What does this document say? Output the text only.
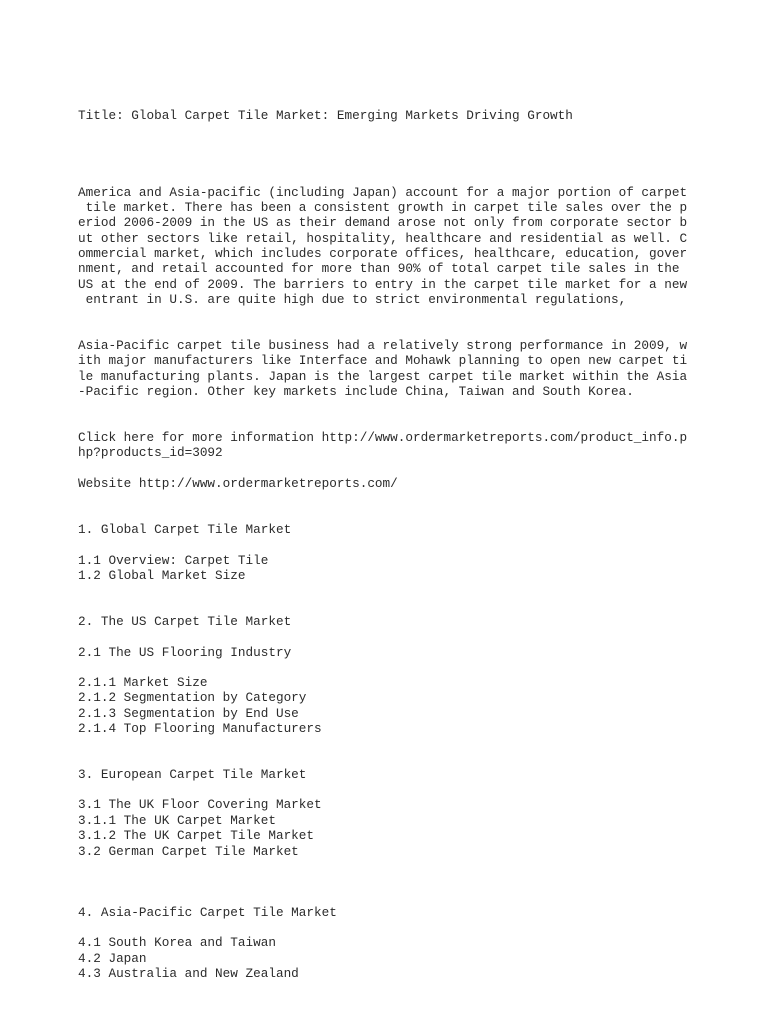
Title: Global Carpet Tile Market: Emerging Markets Driving Growth

America and Asia-pacific (including Japan) account for a major portion of carpet

tile market. There has been a consistent growth in carpet tile sales over the p

eriod 2006-2009 in the US as their demand arose not only from corporate sector b

ut other sectors like retail, hospitality, healthcare and residential as well. C

ommercial market, which includes corporate offices, healthcare, education, gover

nment, and retail accounted for more than 90% of total carpet tile sales in the

US at the end of 2009. The barriers to entry in the carpet tile market for a new

entrant in U.S. are quite high due to strict environmental regulations,

Asia-Pacific carpet tile business had a relatively strong performance in 2009, w

ith major manufacturers like Interface and Mohawk planning to open new carpet ti

le manufacturing plants. Japan is the largest carpet tile market within the Asia

-Pacific region. Other key markets include China, Taiwan and South Korea.

Click here for more information http://www.ordermarketreports.com/product_info.p

hp?products_id=3092

Website http://www.ordermarketreports.com/

1. Global Carpet Tile Market

1.1 Overview: Carpet Tile

1.2 Global Market Size

2. The US Carpet Tile Market

2.1 The US Flooring Industry

2.1.1 Market Size

2.1.2 Segmentation by Category

2.1.3 Segmentation by End Use

2.1.4 Top Flooring Manufacturers

3. European Carpet Tile Market

3.1 The UK Floor Covering Market

3.1.1 The UK Carpet Market

3.1.2 The UK Carpet Tile Market

3.2 German Carpet Tile Market

4. Asia-Pacific Carpet Tile Market

4.1 South Korea and Taiwan

4.2 Japan

4.3 Australia and New Zealand
